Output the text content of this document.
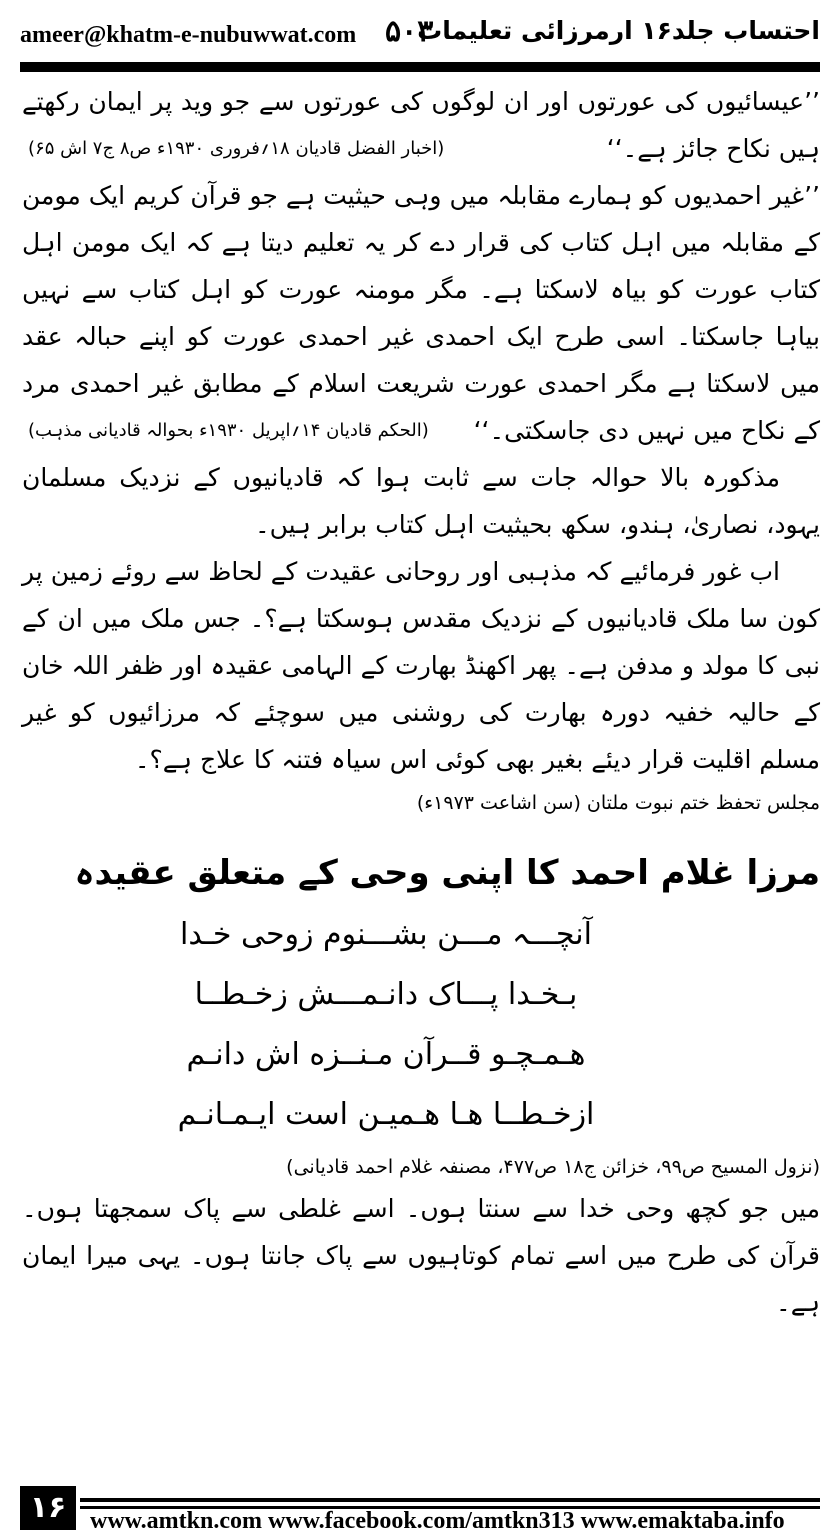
ameer@khatm-e-nubuwwat.com ۵۰۳
احتساب جلد۱۶ ارمرزائی تعلیمات

’’عیسائیوں کی عورتوں اور ان لوگوں کی عورتوں سے جو وید پر ایمان رکھتے ہیں نکاح جائز ہے۔‘‘
(اخبار الفضل قادیان ۱۸؍فروری ۱۹۳۰ء ص۸ ج۷ اش ۶۵)

’’غیر احمدیوں کو ہمارے مقابلہ میں وہی حیثیت ہے جو قرآن کریم ایک مومن کے مقابلہ میں اہل کتاب کی قرار دے کر یہ تعلیم دیتا ہے کہ ایک مومن اہل کتاب عورت کو بیاہ لاسکتا ہے۔ مگر مومنہ عورت کو اہل کتاب سے نہیں بیاہا جاسکتا۔ اسی طرح ایک احمدی غیر احمدی عورت کو اپنے حبالہ عقد میں لاسکتا ہے مگر احمدی عورت شریعت اسلام کے مطابق غیر احمدی مرد کے نکاح میں نہیں دی جاسکتی۔‘‘
(الحکم قادیان ۱۴؍اپریل ۱۹۳۰ء بحوالہ قادیانی مذہب)

مذکورہ بالا حوالہ جات سے ثابت ہوا کہ قادیانیوں کے نزدیک مسلمان یہود، نصاریٰ، ہندو، سکھ بحیثیت اہل کتاب برابر ہیں۔

اب غور فرمائیے کہ مذہبی اور روحانی عقیدت کے لحاظ سے روئے زمین پر کون سا ملک قادیانیوں کے نزدیک مقدس ہوسکتا ہے؟۔ جس ملک میں ان کے نبی کا مولد و مدفن ہے۔ پھر اکھنڈ بھارت کے الہامی عقیدہ اور ظفر اللہ خان کے حالیہ خفیہ دورہ بھارت کی روشنی میں سوچئے کہ مرزائیوں کو غیر مسلم اقلیت قرار دیئے بغیر بھی کوئی اس سیاہ فتنہ کا علاج ہے؟۔

مجلس تحفظ ختم نبوت ملتان (سن اشاعت ۱۹۷۳ء)
مرزا غلام احمد کا اپنی وحی کے متعلق عقیدہ
آنچـــہ مـــن بشـــنوم زوحی خـدا
بـخـدا پـــاک دانـمـــش زخـطــا
هـمـچـو قــرآن مـنــزه اش دانـم
ازخـطــا هـا هـمیـن است ایـمـانـم
(نزول المسیح ص۹۹، خزائن ج۱۸ ص۴۷۷، مصنفہ غلام احمد قادیانی)

میں جو کچھ وحی خدا سے سنتا ہوں۔ اسے غلطی سے پاک سمجھتا ہوں۔ قرآن کی طرح میں اسے تمام کوتاہیوں سے پاک جانتا ہوں۔ یہی میرا ایمان ہے۔

۱۶ www.amtkn.com www.facebook.com/amtkn313 www.emaktaba.info
